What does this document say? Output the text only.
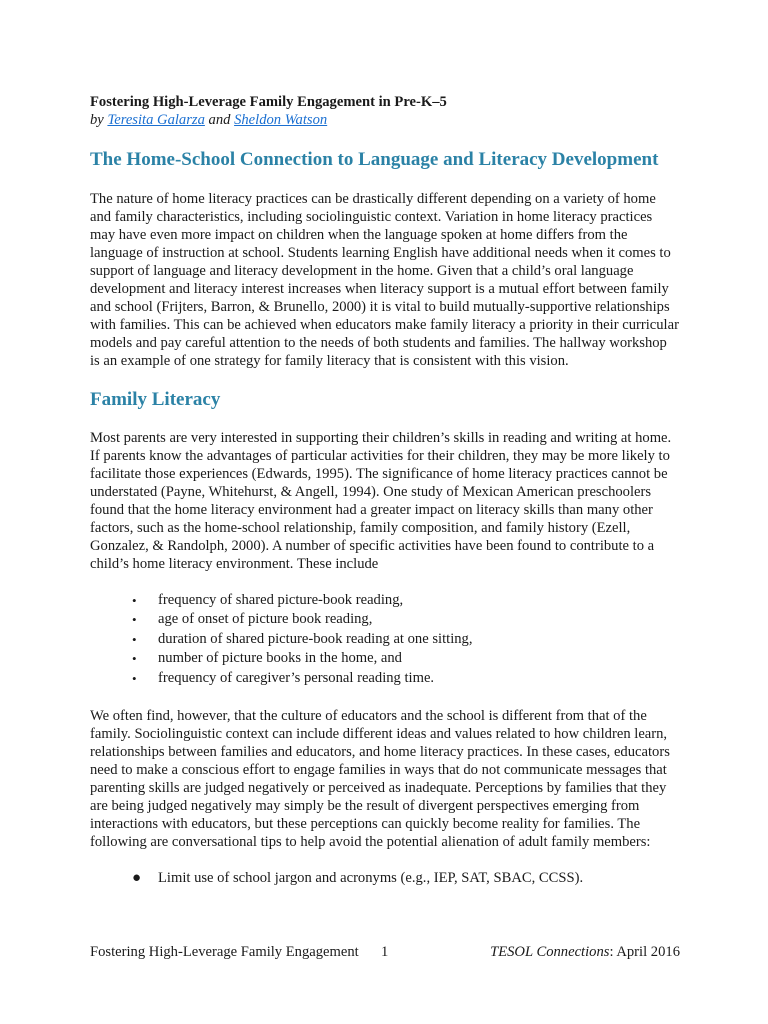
Fostering High-Leverage Family Engagement in Pre-K–5

by Teresita Galarza and Sheldon Watson

The Home-School Connection to Language and Literacy Development

The nature of home literacy practices can be drastically different depending on a variety of home and family characteristics, including sociolinguistic context. Variation in home literacy practices may have even more impact on children when the language spoken at home differs from the language of instruction at school. Students learning English have additional needs when it comes to support of language and literacy development in the home. Given that a child’s oral language development and literacy interest increases when literacy support is a mutual effort between family and school (Frijters, Barron, & Brunello, 2000) it is vital to build mutually-supportive relationships with families. This can be achieved when educators make family literacy a priority in their curricular models and pay careful attention to the needs of both students and families. The hallway workshop is an example of one strategy for family literacy that is consistent with this vision.

Family Literacy

Most parents are very interested in supporting their children’s skills in reading and writing at home. If parents know the advantages of particular activities for their children, they may be more likely to facilitate those experiences (Edwards, 1995). The significance of home literacy practices cannot be understated (Payne, Whitehurst, & Angell, 1994). One study of Mexican American preschoolers found that the home literacy environment had a greater impact on literacy skills than many other factors, such as the home-school relationship, family composition, and family history (Ezell, Gonzalez, & Randolph, 2000). A number of specific activities have been found to contribute to a child’s home literacy environment. These include

• frequency of shared picture-book reading,
• age of onset of picture book reading,
• duration of shared picture-book reading at one sitting,
• number of picture books in the home, and
• frequency of caregiver’s personal reading time.

We often find, however, that the culture of educators and the school is different from that of the family. Sociolinguistic context can include different ideas and values related to how children learn, relationships between families and educators, and home literacy practices. In these cases, educators need to make a conscious effort to engage families in ways that do not communicate messages that parenting skills are judged negatively or perceived as inadequate. Perceptions by families that they are being judged negatively may simply be the result of divergent perspectives emerging from interactions with educators, but these perceptions can quickly become reality for families. The following are conversational tips to help avoid the potential alienation of adult family members:

● Limit use of school jargon and acronyms (e.g., IEP, SAT, SBAC, CCSS).
Fostering High-Leverage Family Engagement 1	TESOL Connections: April 2016
